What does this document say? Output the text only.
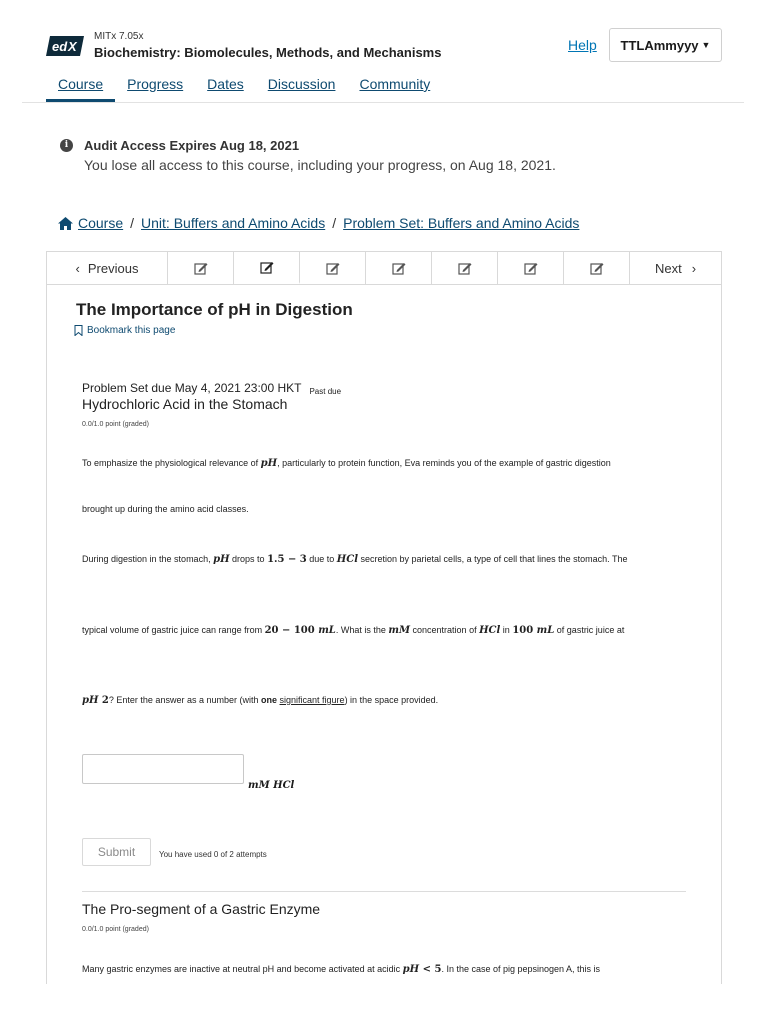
ed X
MITx 7.05x
Biochemistry: Biomolecules, Methods, and Mechanisms	Help TTLAmmyyy ▼
Course	Progress	Dates	Discussion	Community
i	Audit Access Expires Aug 18, 2021
You lose all access to this course, including your progress, on Aug 18, 2021.
Course / Unit: Buffers and Amino Acids / Problem Set: Buffers and Amino Acids
‹ Previous	Next ›
The Importance of pH in Digestion
Bookmark this page
Problem Set due May 4, 2021 23:00 HKT Past due
Hydrochloric Acid in the Stomach
0.0/1.0 point (graded)
To emphasize the physiological relevance of pH, particularly to protein function, Eva reminds you of the example of gastric digestion
brought up during the amino acid classes.
During digestion in the stomach, pH drops to 1.5 − 3 due to HCl secretion by parietal cells, a type of cell that lines the stomach. The
typical volume of gastric juice can range from 20 − 100 mL. What is the mM concentration of HCl in 100 mL of gastric juice at
pH 2? Enter the answer as a number (with one significant figure) in the space provided.
mM HCl
Submit	You have used 0 of 2 attempts
The Pro-segment of a Gastric Enzyme
0.0/1.0 point (graded)
Many gastric enzymes are inactive at neutral pH and become activated at acidic pH < 5. In the case of pig pepsinogen A, this is
